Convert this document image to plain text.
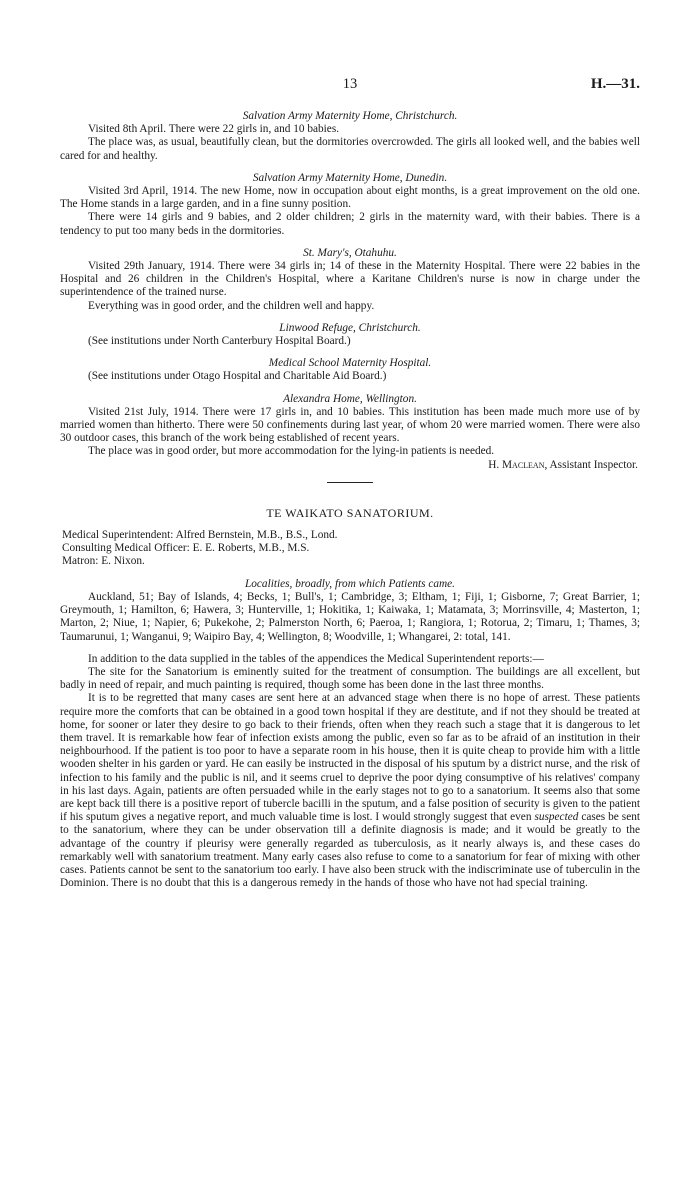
13	H.—31.

Salvation Army Maternity Home, Christchurch.

Visited 8th April. There were 22 girls in, and 10 babies.

The place was, as usual, beautifully clean, but the dormitories overcrowded. The girls all looked well, and the babies well cared for and healthy.

Salvation Army Maternity Home, Dunedin.

Visited 3rd April, 1914. The new Home, now in occupation about eight months, is a great improvement on the old one. The Home stands in a large garden, and in a fine sunny position.

There were 14 girls and 9 babies, and 2 older children; 2 girls in the maternity ward, with their babies. There is a tendency to put too many beds in the dormitories.

St. Mary's, Otahuhu.

Visited 29th January, 1914. There were 34 girls in; 14 of these in the Maternity Hospital. There were 22 babies in the Hospital and 26 children in the Children's Hospital, where a Karitane Children's nurse is now in charge under the superintendence of the trained nurse.

Everything was in good order, and the children well and happy.

Linwood Refuge, Christchurch.

(See institutions under North Canterbury Hospital Board.)

Medical School Maternity Hospital.

(See institutions under Otago Hospital and Charitable Aid Board.)

Alexandra Home, Wellington.

Visited 21st July, 1914. There were 17 girls in, and 10 babies. This institution has been made much more use of by married women than hitherto. There were 50 confinements during last year, of whom 20 were married women. There were also 30 outdoor cases, this branch of the work being established of recent years.

The place was in good order, but more accommodation for the lying-in patients is needed.

H. Maclean, Assistant Inspector.

TE WAIKATO SANATORIUM.

Medical Superintendent: Alfred Bernstein, M.B., B.S., Lond.
Consulting Medical Officer: E. E. Roberts, M.B., M.S.
Matron: E. Nixon.

Localities, broadly, from which Patients came.

Auckland, 51; Bay of Islands, 4; Becks, 1; Bull's, 1; Cambridge, 3; Eltham, 1; Fiji, 1; Gisborne, 7; Great Barrier, 1; Greymouth, 1; Hamilton, 6; Hawera, 3; Hunterville, 1; Hokitika, 1; Kaiwaka, 1; Matamata, 3; Morrinsville, 4; Masterton, 1; Marton, 2; Niue, 1; Napier, 6; Pukekohe, 2; Palmerston North, 6; Paeroa, 1; Rangiora, 1; Rotorua, 2; Timaru, 1; Thames, 3; Taumarunui, 1; Wanganui, 9; Waipiro Bay, 4; Wellington, 8; Woodville, 1; Whangarei, 2: total, 141.

In addition to the data supplied in the tables of the appendices the Medical Superintendent reports:—

The site for the Sanatorium is eminently suited for the treatment of consumption. The buildings are all excellent, but badly in need of repair, and much painting is required, though some has been done in the last three months.

It is to be regretted that many cases are sent here at an advanced stage when there is no hope of arrest. These patients require more the comforts that can be obtained in a good town hospital if they are destitute, and if not they should be treated at home, for sooner or later they desire to go back to their friends, often when they reach such a stage that it is dangerous to let them travel. It is remarkable how fear of infection exists among the public, even so far as to be afraid of an institution in their neighbourhood. If the patient is too poor to have a separate room in his house, then it is quite cheap to provide him with a little wooden shelter in his garden or yard. He can easily be instructed in the disposal of his sputum by a district nurse, and the risk of infection to his family and the public is nil, and it seems cruel to deprive the poor dying consumptive of his relatives' company in his last days. Again, patients are often persuaded while in the early stages not to go to a sanatorium. It seems also that some are kept back till there is a positive report of tubercle bacilli in the sputum, and a false position of security is given to the patient if his sputum gives a negative report, and much valuable time is lost. I would strongly suggest that even suspected cases be sent to the sanatorium, where they can be under observation till a definite diagnosis is made; and it would be greatly to the advantage of the country if pleurisy were generally regarded as tuberculosis, as it nearly always is, and these cases do remarkably well with sanatorium treatment. Many early cases also refuse to come to a sanatorium for fear of mixing with other cases. Patients cannot be sent to the sanatorium too early. I have also been struck with the indiscriminate use of tuberculin in the Dominion. There is no doubt that this is a dangerous remedy in the hands of those who have not had special training.
